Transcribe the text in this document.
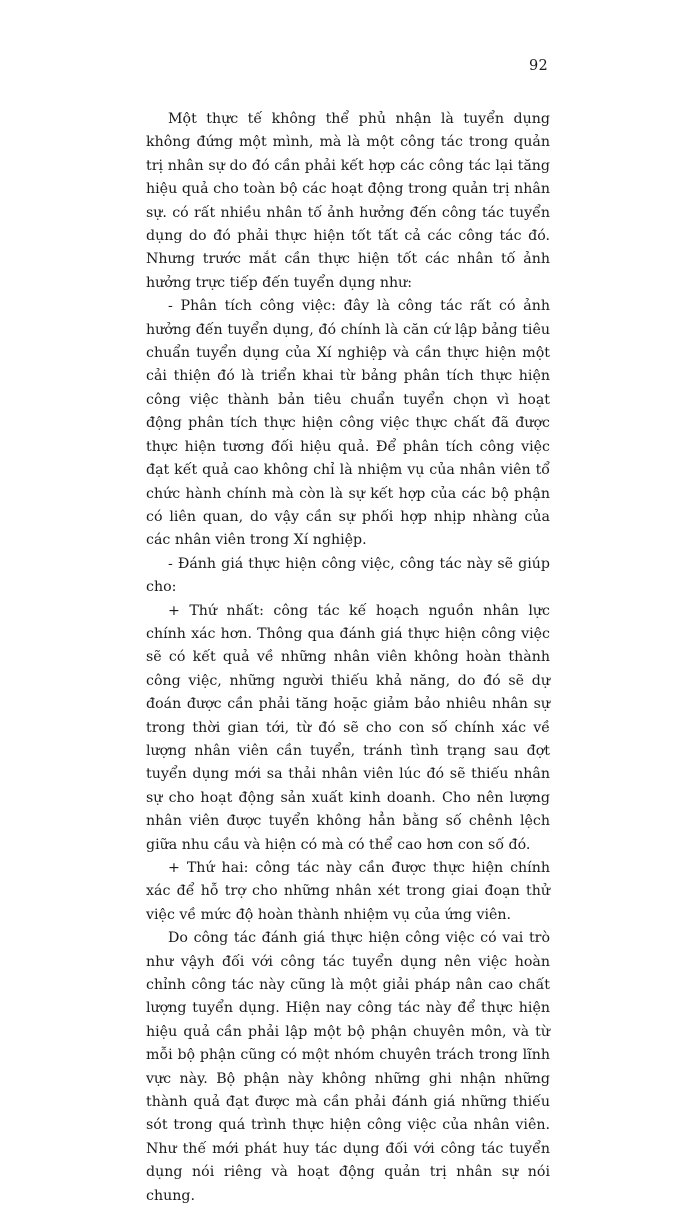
92

Một thực tế không thể phủ nhận là tuyển dụng không đứng một mình, mà là một công tác trong quản trị nhân sự do đó cần phải kết hợp các công tác lại tăng hiệu quả cho toàn bộ các hoạt động trong quản trị nhân sự. có rất nhiều nhân tố ảnh hưởng đến công tác tuyển dụng do đó phải thực hiện tốt tất cả các công tác đó. Nhưng trước mắt cần thực hiện tốt các nhân tố ảnh hưởng trực tiếp đến tuyển dụng như:

- Phân tích công việc: đây là công tác rất có ảnh hưởng đến tuyển dụng, đó chính là căn cứ lập bảng tiêu chuẩn tuyển dụng của Xí nghiệp và cần thực hiện một cải thiện đó là triển khai từ bảng phân tích thực hiện công việc thành bản tiêu chuẩn tuyển chọn vì hoạt động phân tích thực hiện công việc thực chất đã được thực hiện tương đối hiệu quả. Để phân tích công việc đạt kết quả cao không chỉ là nhiệm vụ của nhân viên tổ chức hành chính mà còn là sự kết hợp của các bộ phận có liên quan, do vậy cần sự phối hợp nhịp nhàng của các nhân viên trong Xí nghiệp.

- Đánh giá thực hiện công việc, công tác này sẽ giúp cho:

+ Thứ nhất: công tác kế hoạch nguồn nhân lực chính xác hơn. Thông qua đánh giá thực hiện công việc sẽ có kết quả về những nhân viên không hoàn thành công việc, những người thiếu khả năng, do đó sẽ dự đoán được cần phải tăng hoặc giảm bảo nhiêu nhân sự trong thời gian tới, từ đó sẽ cho con số chính xác về lượng nhân viên cần tuyển, tránh tình trạng sau đợt tuyển dụng mới sa thải nhân viên lúc đó sẽ thiếu nhân sự cho hoạt động sản xuất kinh doanh. Cho nên lượng nhân viên được tuyển không hẳn bằng số chênh lệch giữa nhu cầu và hiện có mà có thể cao hơn con số đó.

+ Thứ hai: công tác này cần được thực hiện chính xác để hỗ trợ cho những nhân xét trong giai đoạn thử việc về mức độ hoàn thành nhiệm vụ của ứng viên.

Do công tác đánh giá thực hiện công việc có vai trò như vậyh đối với công tác tuyển dụng nên việc hoàn chỉnh công tác này cũng là một giải pháp nân cao chất lượng tuyển dụng. Hiện nay công tác này để thực hiện hiệu quả cần phải lập một bộ phận chuyên môn, và từ mỗi bộ phận cũng có một nhóm chuyên trách trong lĩnh vực này. Bộ phận này không những ghi nhận những thành quả đạt được mà cần phải đánh giá những thiếu sót trong quá trình thực hiện công việc của nhân viên. Như thế mới phát huy tác dụng đối với công tác tuyển dụng nói riêng và hoạt động quản trị nhân sự nói chung.
